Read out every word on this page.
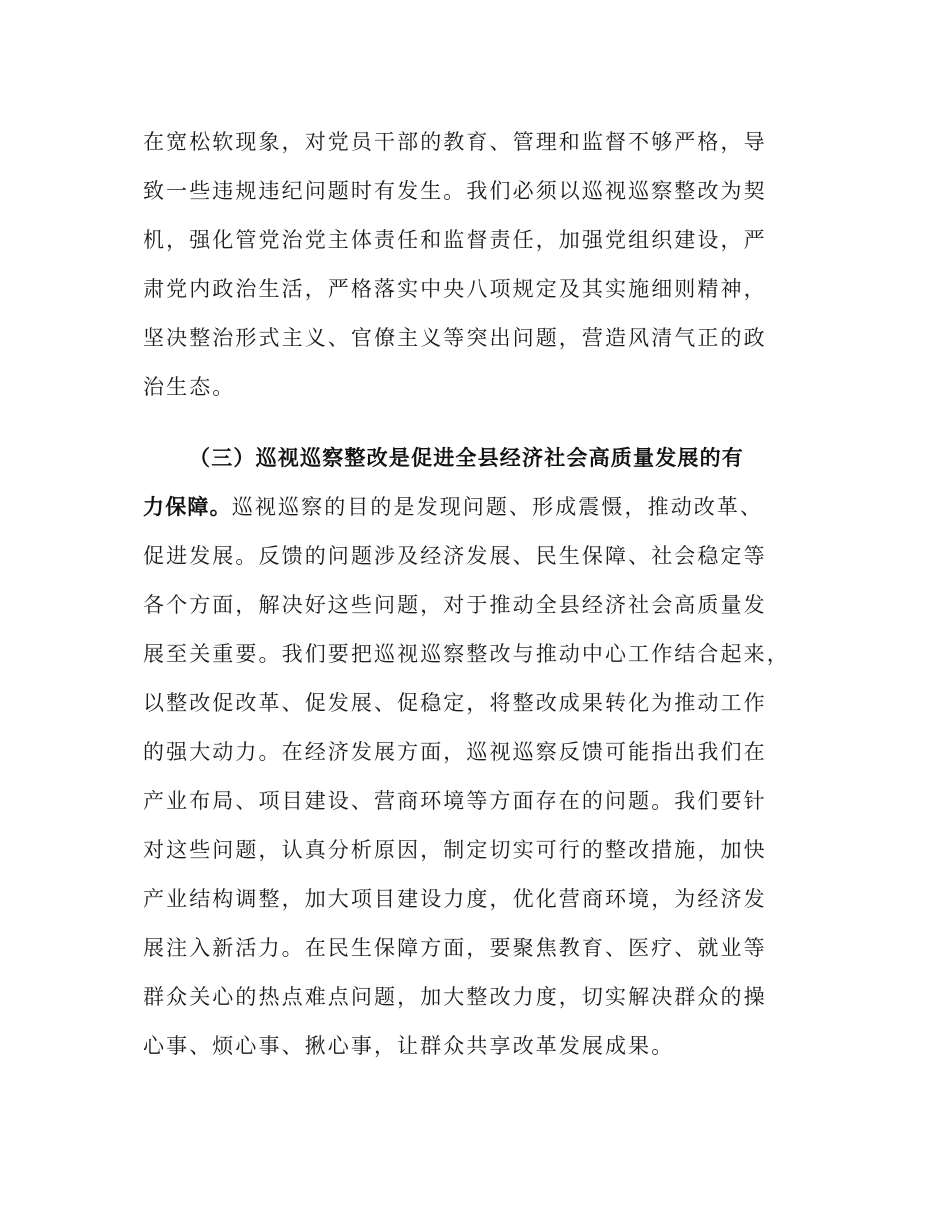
在宽松软现象，对党员干部的教育、管理和监督不够严格，导
致一些违规违纪问题时有发生。我们必须以巡视巡察整改为契
机，强化管党治党主体责任和监督责任，加强党组织建设，严
肃党内政治生活，严格落实中央八项规定及其实施细则精神，
坚决整治形式主义、官僚主义等突出问题，营造风清气正的政
治生态。
（三）巡视巡察整改是促进全县经济社会高质量发展的有
力保障。巡视巡察的目的是发现问题、形成震慑，推动改革、
促进发展。反馈的问题涉及经济发展、民生保障、社会稳定等
各个方面，解决好这些问题，对于推动全县经济社会高质量发
展至关重要。我们要把巡视巡察整改与推动中心工作结合起来，
以整改促改革、促发展、促稳定，将整改成果转化为推动工作
的强大动力。在经济发展方面，巡视巡察反馈可能指出我们在
产业布局、项目建设、营商环境等方面存在的问题。我们要针
对这些问题，认真分析原因，制定切实可行的整改措施，加快
产业结构调整，加大项目建设力度，优化营商环境，为经济发
展注入新活力。在民生保障方面，要聚焦教育、医疗、就业等
群众关心的热点难点问题，加大整改力度，切实解决群众的操
心事、烦心事、揪心事，让群众共享改革发展成果。
